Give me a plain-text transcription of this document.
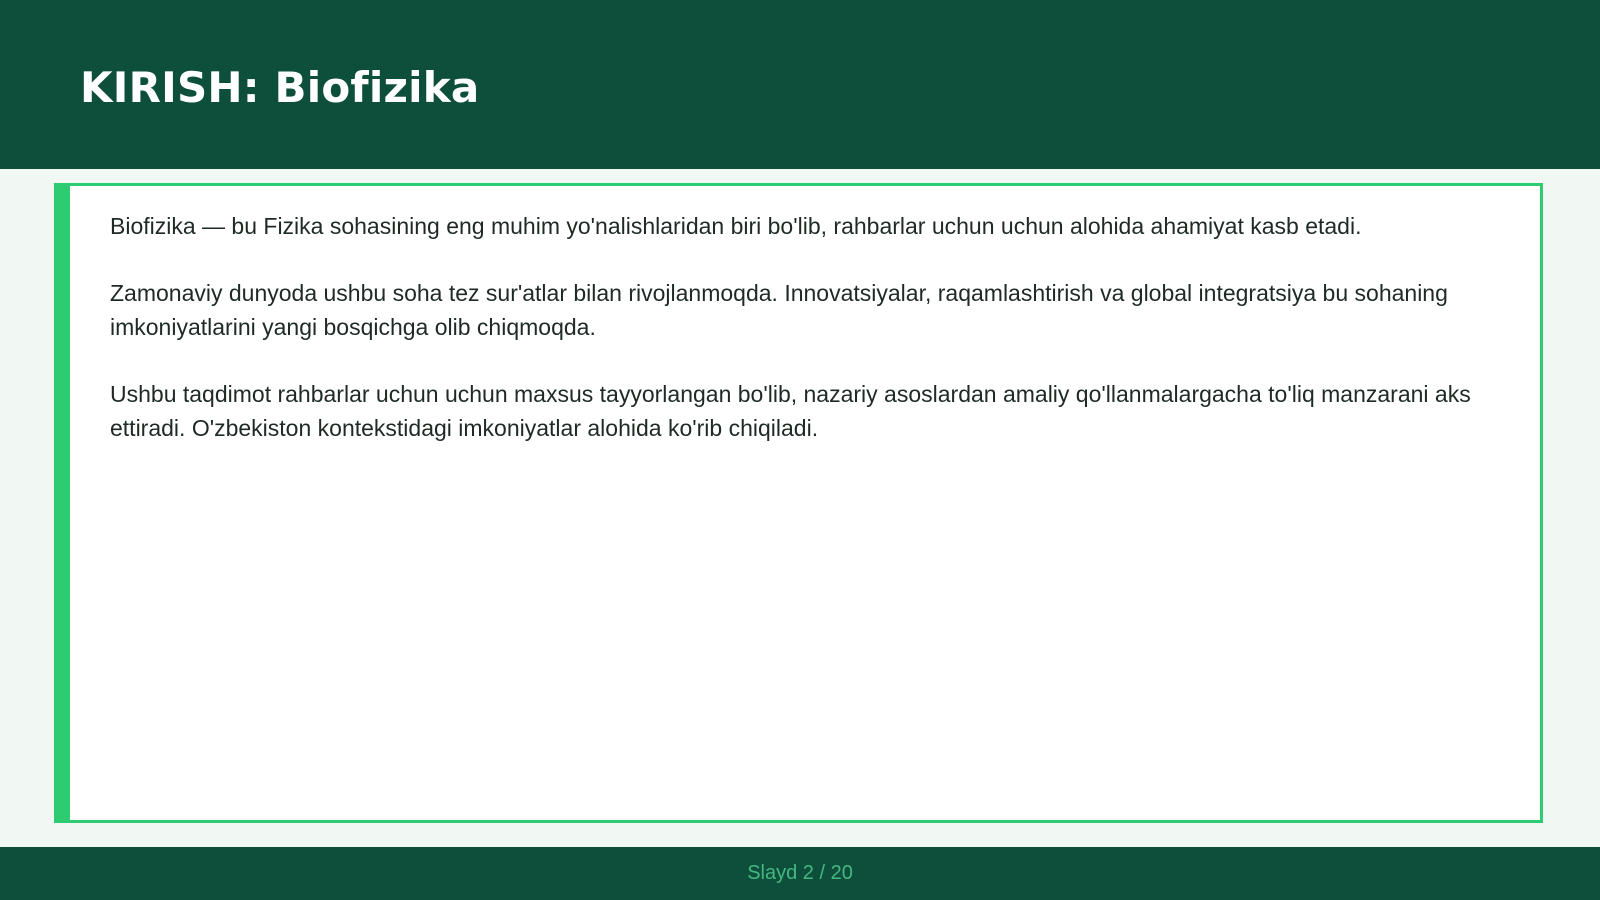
KIRISH: Biofizika

Biofizika — bu Fizika sohasining eng muhim yo'nalishlaridan biri bo'lib, rahbarlar uchun uchun alohida ahamiyat kasb etadi.

Zamonaviy dunyoda ushbu soha tez sur'atlar bilan rivojlanmoqda. Innovatsiyalar, raqamlashtirish va global integratsiya bu sohaning imkoniyatlarini yangi bosqichga olib chiqmoqda.

Ushbu taqdimot rahbarlar uchun uchun maxsus tayyorlangan bo'lib, nazariy asoslardan amaliy qo'llanmalargacha to'liq manzarani aks ettiradi. O'zbekiston kontekstidagi imkoniyatlar alohida ko'rib chiqiladi.

Slayd 2 / 20
